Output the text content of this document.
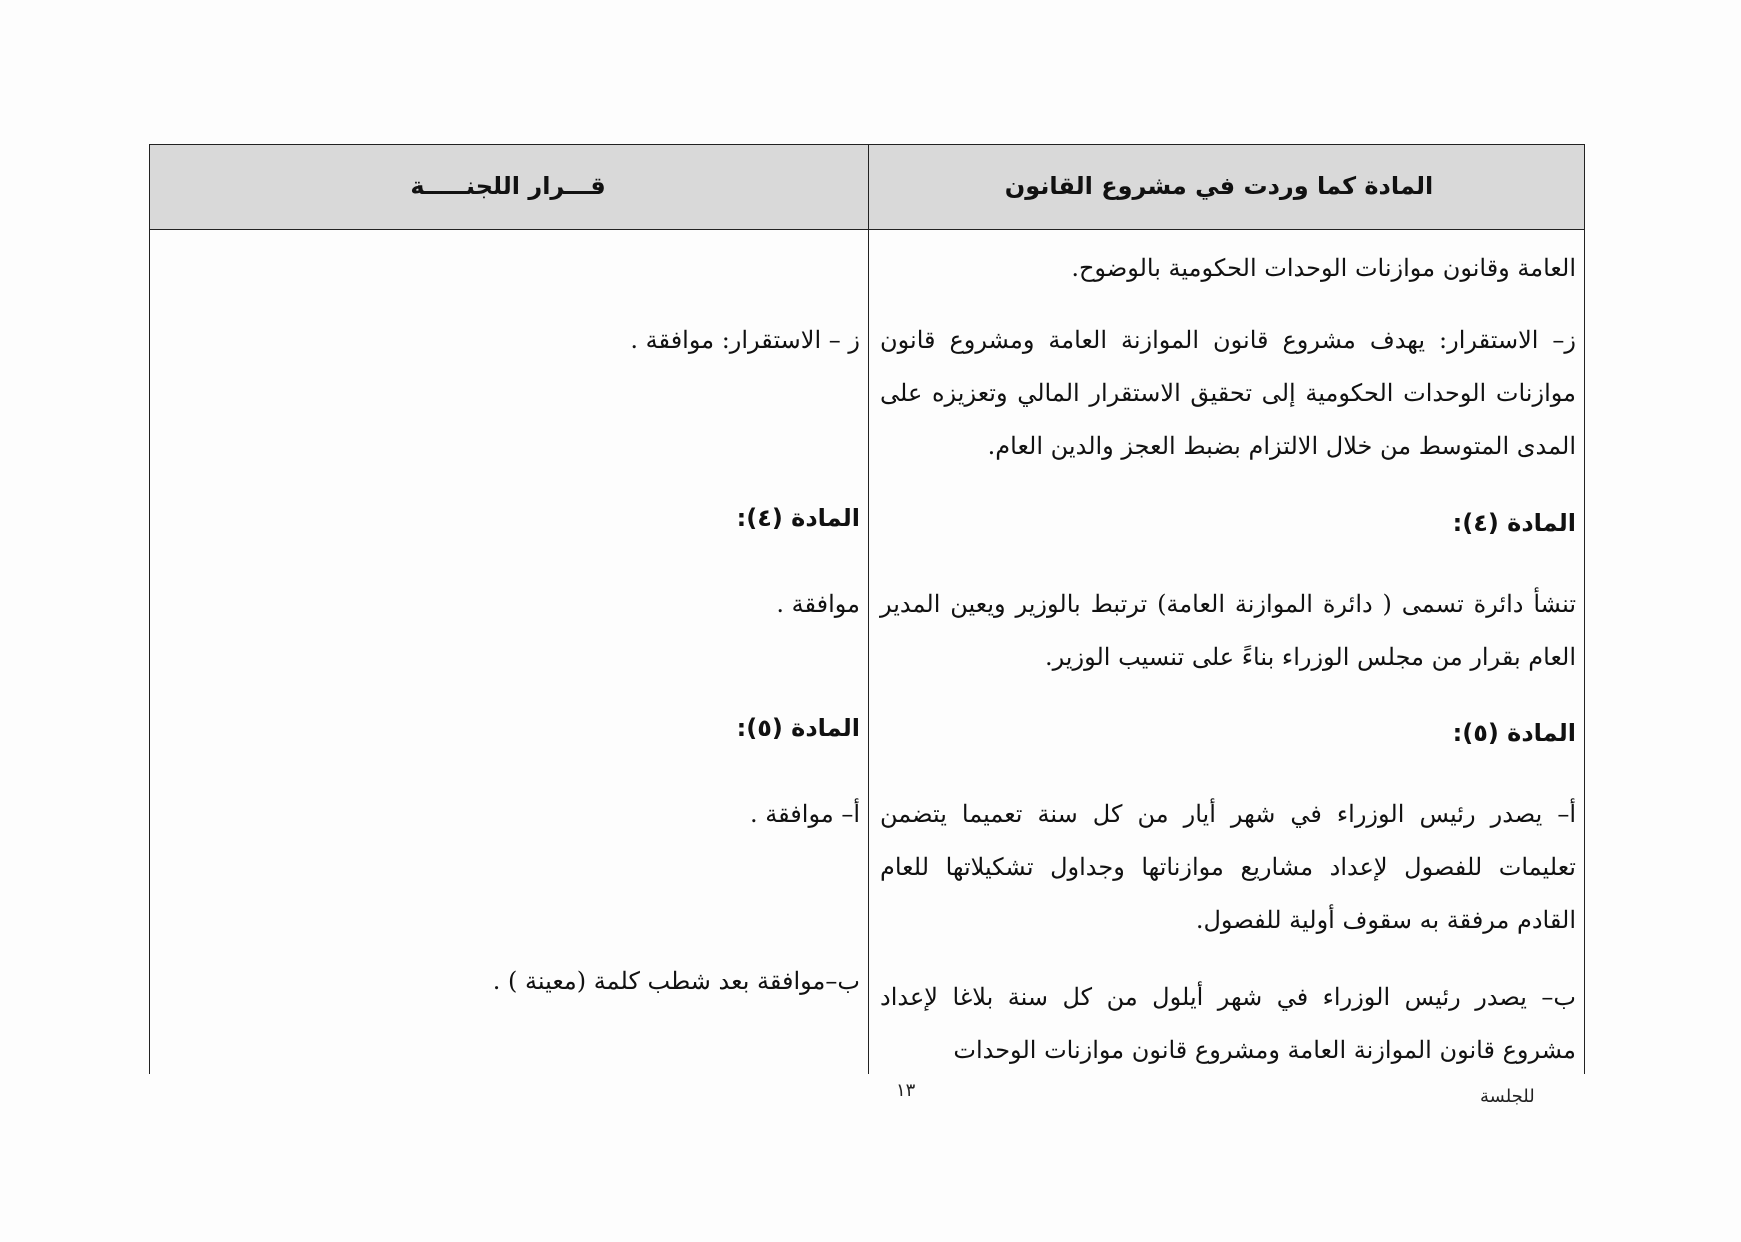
المادة كما وردت في مشروع القانون
قـــرار اللجنـــــة
العامة وقانون موازنات الوحدات الحكومية بالوضوح.
ز– الاستقرار: يهدف مشروع قانون الموازنة العامة ومشروع قانون موازنات الوحدات الحكومية إلى تحقيق الاستقرار المالي وتعزيزه على المدى المتوسط من خلال الالتزام بضبط العجز والدين العام.
المادة (٤):
تنشأ دائرة تسمى ( دائرة الموازنة العامة) ترتبط بالوزير ويعين المدير العام بقرار من مجلس الوزراء بناءً على تنسيب الوزير.
المادة (٥):
أ– يصدر رئيس الوزراء في شهر أيار من كل سنة تعميما يتضمن تعليمات للفصول لإعداد مشاريع موازناتها وجداول تشكيلاتها للعام القادم مرفقة به سقوف أولية للفصول.
ب– يصدر رئيس الوزراء في شهر أيلول من كل سنة بلاغا لإعداد مشروع قانون الموازنة العامة ومشروع قانون موازنات الوحدات
ز – الاستقرار: موافقة .
المادة (٤):
موافقة .
المادة (٥):
أ– موافقة .
ب–موافقة بعد شطب كلمة (معينة ) .
١٣	للجلسة
